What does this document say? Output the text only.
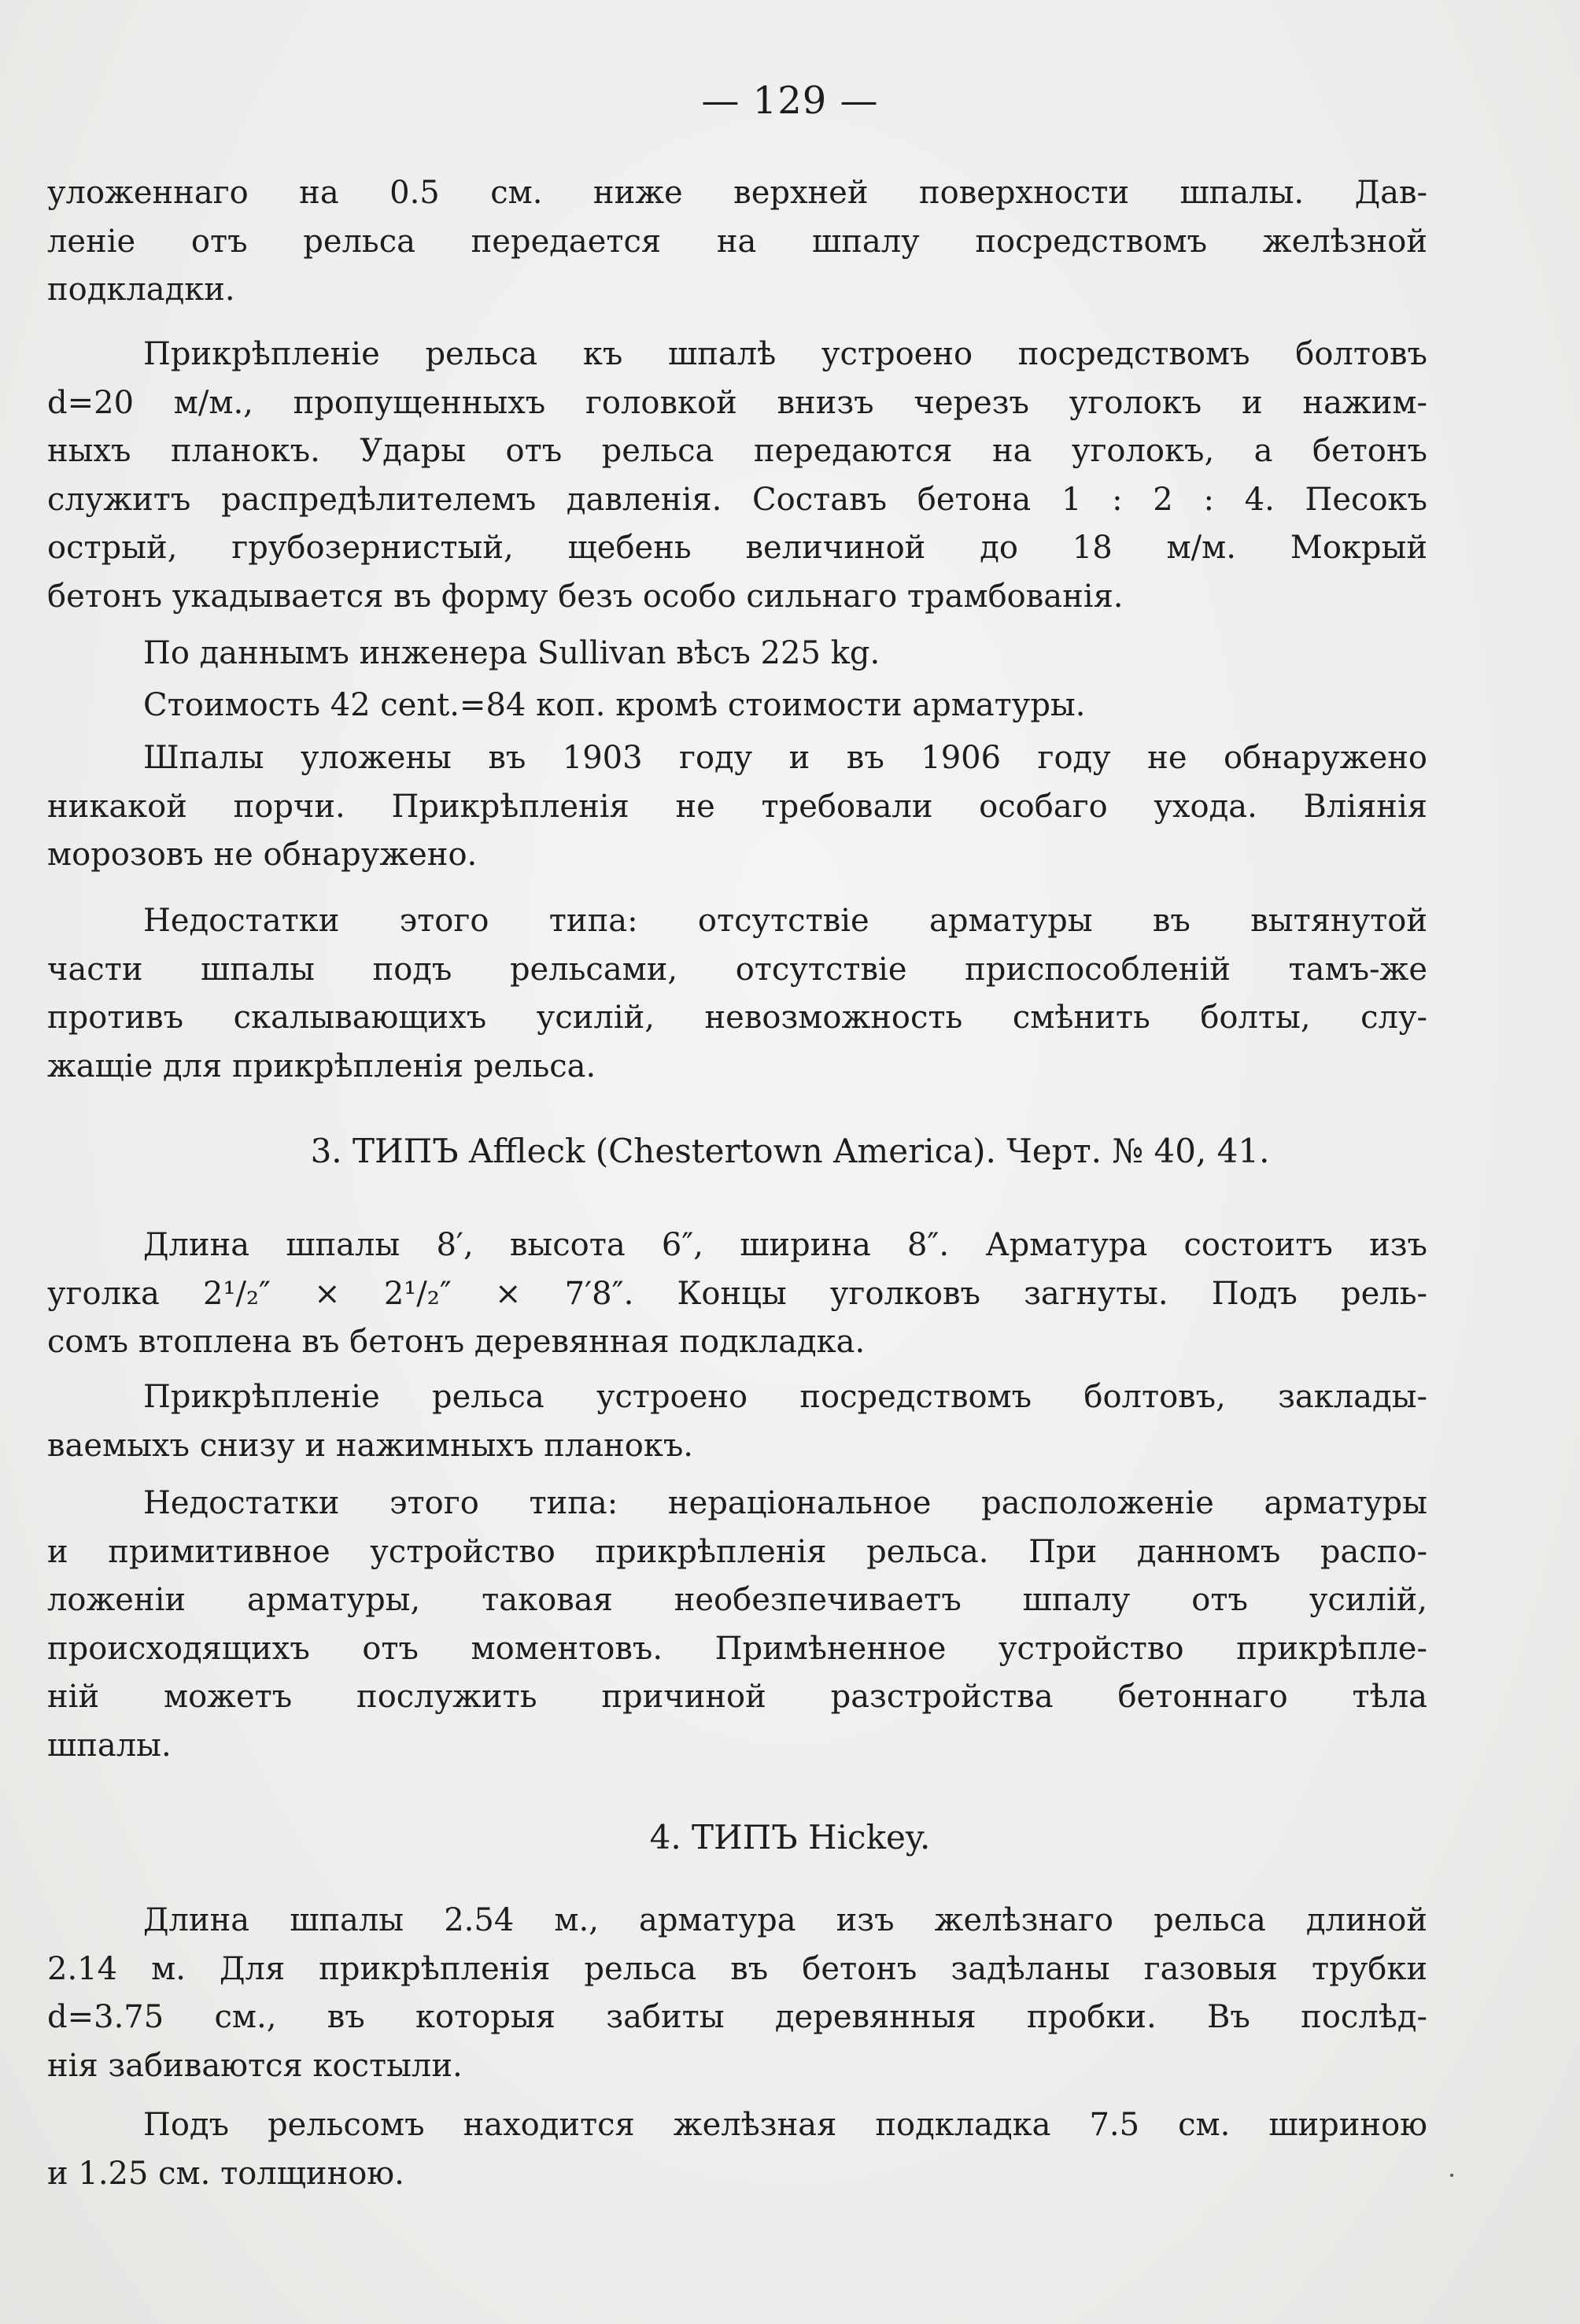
— 129 —

уложеннаго на 0.5 см. ниже верхней поверхности шпалы. Дав-
леніе отъ рельса передается на шпалу посредствомъ желѣзной
подкладки.

Прикрѣпленіе рельса къ шпалѣ устроено посредствомъ болтовъ
d=20 м/м., пропущенныхъ головкой внизъ черезъ уголокъ и нажим-
ныхъ планокъ. Удары отъ рельса передаются на уголокъ, а бетонъ
служитъ распредѣлителемъ давленія. Составъ бетона 1 : 2 : 4. Песокъ
острый, грубозернистый, щебень величиной до 18 м/м. Мокрый
бетонъ укадывается въ форму безъ особо сильнаго трамбованія.

По даннымъ инженера Sullivan вѣсъ 225 kg.

Стоимость 42 cent.=84 коп. кромѣ стоимости арматуры.

Шпалы уложены въ 1903 году и въ 1906 году не обнаружено
никакой порчи. Прикрѣпленія не требовали особаго ухода. Вліянія
морозовъ не обнаружено.

Недостатки этого типа: отсутствіе арматуры въ вытянутой
части шпалы подъ рельсами, отсутствіе приспособленій тамъ-же
противъ скалывающихъ усилій, невозможность смѣнить болты, слу-
жащіе для прикрѣпленія рельса.

3. ТИПЪ Affleck (Chestertown America). Черт. № 40, 41.

Длина шпалы 8′, высота 6″, ширина 8″. Арматура состоитъ изъ
уголка 2¹/₂″ ⨯ 2¹/₂″ ⨯ 7′8″. Концы уголковъ загнуты. Подъ рель-
сомъ втоплена въ бетонъ деревянная подкладка.

Прикрѣпленіе рельса устроено посредствомъ болтовъ, заклады-
ваемыхъ снизу и нажимныхъ планокъ.

Недостатки этого типа: нераціональное расположеніе арматуры
и примитивное устройство прикрѣпленія рельса. При данномъ распо-
ложеніи арматуры, таковая необезпечиваетъ шпалу отъ усилій,
происходящихъ отъ моментовъ. Примѣненное устройство прикрѣпле-
ній можетъ послужить причиной разстройства бетоннаго тѣла
шпалы.

4. ТИПЪ Hickey.

Длина шпалы 2.54 м., арматура изъ желѣзнаго рельса длиной
2.14 м. Для прикрѣпленія рельса въ бетонъ задѣланы газовыя трубки
d=3.75 см., въ которыя забиты деревянныя пробки. Въ послѣд-
нія забиваются костыли.

Подъ рельсомъ находится желѣзная подкладка 7.5 см. шириною
и 1.25 см. толщиною.
